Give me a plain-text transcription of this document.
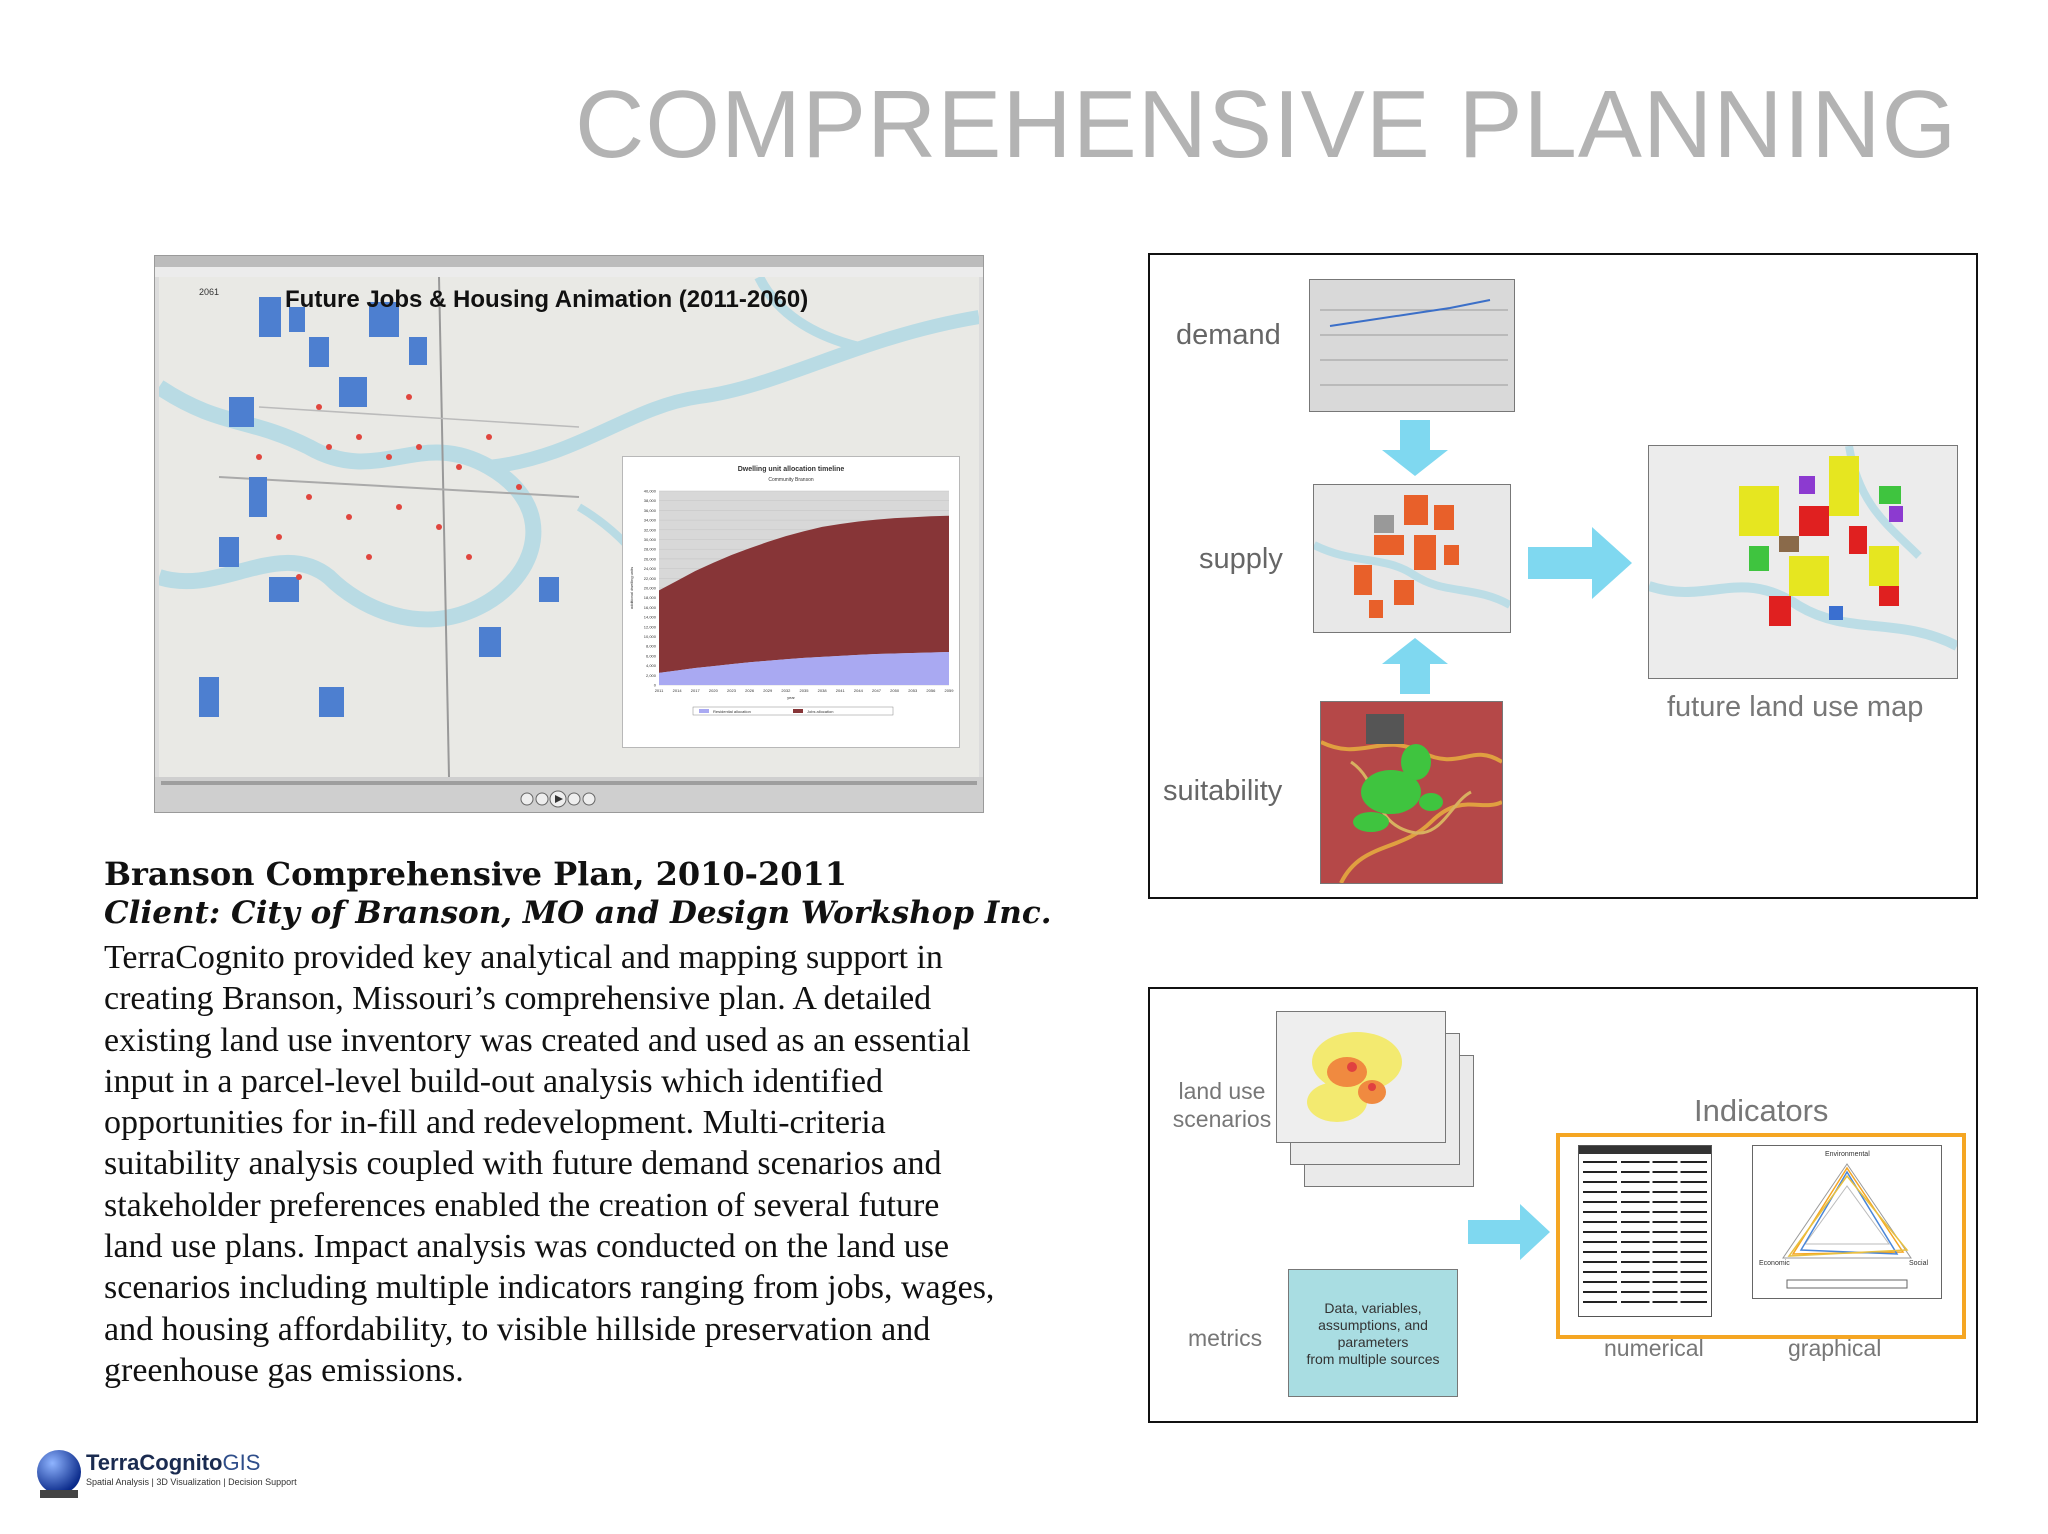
COMPREHENSIVE PLANNING
2061	Future Jobs & Housing Animation (2011-2060)
Dwelling unit allocation timeline
Community Branson
0
2,000
4,000
6,000
8,000
10,000
12,000
14,000
16,000
18,000
20,000
22,000
24,000
26,000
28,000
30,000
32,000
34,000
36,000
38,000
40,000
2011 2014 2017 2020 2023 2026 2029 2032 2035 2038 2041 2044 2047 2050 2053 2056 2059
year
additional dwelling units
Residential allocation	Jobs allocation
Branson Comprehensive Plan, 2010-2011
Client: City of Branson, MO and Design Workshop Inc.
TerraCognito provided key analytical and mapping support in
creating Branson, Missouri’s comprehensive plan. A detailed
existing land use inventory was created and used as an essential
input in a parcel-level build-out analysis which identified
opportunities for in-fill and redevelopment. Multi-criteria
suitability analysis coupled with future demand scenarios and
stakeholder preferences enabled the creation of several future
land use plans. Impact analysis was conducted on the land use
scenarios including multiple indicators ranging from jobs, wages,
and housing affordability, to visible hillside preservation and
greenhouse gas emissions.
demand
supply
suitability
future land use map
land use
scenarios
metrics
Data, variables,
assumptions, and
parameters
from multiple sources
Indicators
Environmental
Economic	Social
numerical	graphical
TerraCognitoGIS
Spatial Analysis | 3D Visualization | Decision Support
